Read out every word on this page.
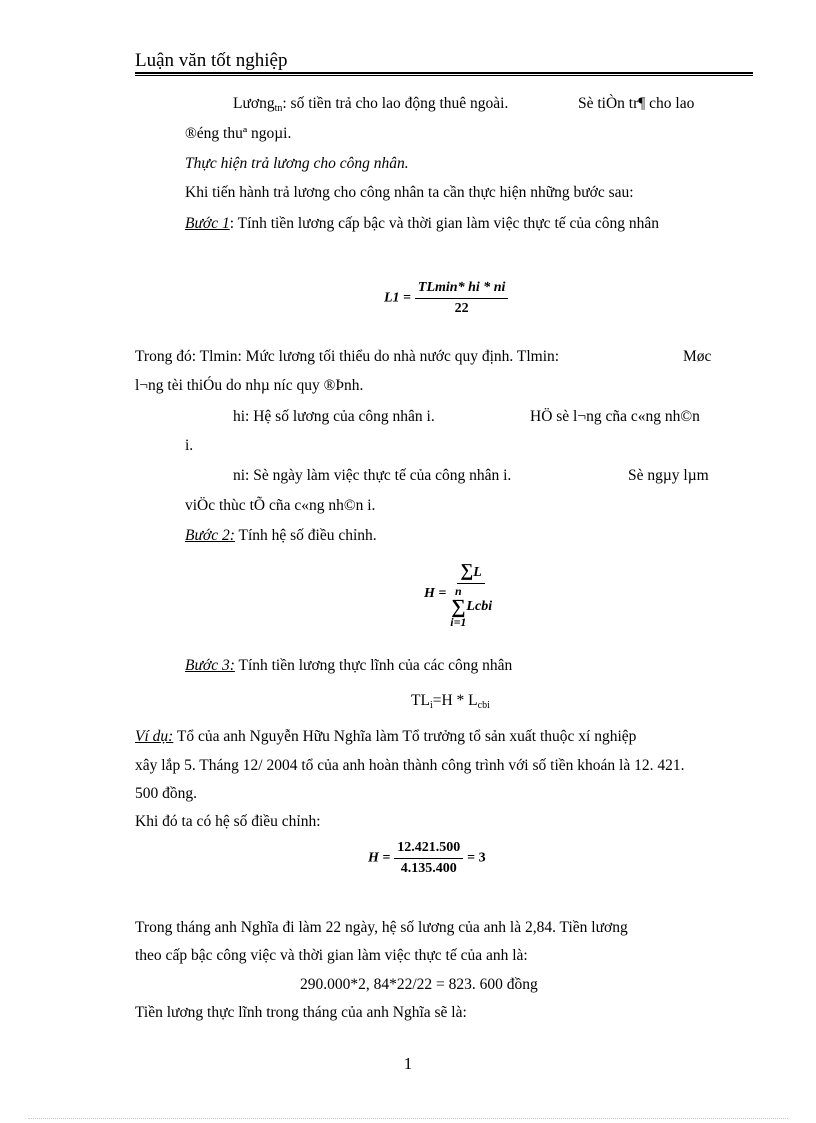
Luận văn tốt nghiệp
Lương$_{tn}$: số tiền trả cho lao động thuê ngoài.	Sè tiÒn tr¶ cho lao
®éng thuª ngoµi.
Thực hiện trả lương cho công nhân.
Khi tiến hành trả lương cho công nhân ta cần thực hiện những bước sau:
Bước 1: Tính tiền lương cấp bậc và thời gian làm việc thực tế của công nhân
$L1 = \frac{TLmin* hi * ni}{22}$
Trong đó: Tlmin: Mức lương tối thiểu do nhà nước quy định. Tlmin:	Møc
l¬ng tèi thiÓu do nhµ níc quy ®Þnh.
hi: Hệ số lương của công nhân i.	HÖ sè l¬ng cña c«ng nh©n
i.
ni: Sè ngày làm việc thực tế của công nhân i.	Sè ngµy lµm
viÖc thùc tÕ cña c«ng nh©n i.
Bước 2: Tính hệ số điều chỉnh.
H = ∑L
n
∑
i=1
Lcbi
Bước 3: Tính tiền lương thực lĩnh của các công nhân
$TL_i=H * L_{cbi}$
Ví dụ: Tổ của anh Nguyễn Hữu Nghĩa làm Tổ trưởng tổ sản xuất thuộc xí nghiệp
xây lắp 5. Tháng 12/ 2004 tổ của anh hoàn thành công trình với số tiền khoán là 12. 421.
500 đồng.
Khi đó ta có hệ số điều chỉnh:
$H = \frac{12.421.500}{4.135.400} = 3$
Trong tháng anh Nghĩa đi làm 22 ngày, hệ số lương của anh là 2,84. Tiền lương
theo cấp bậc công việc và thời gian làm việc thực tế của anh là:
290.000*2, 84*22/22 = 823. 600 đồng
Tiền lương thực lĩnh trong tháng của anh Nghĩa sẽ là:
1
